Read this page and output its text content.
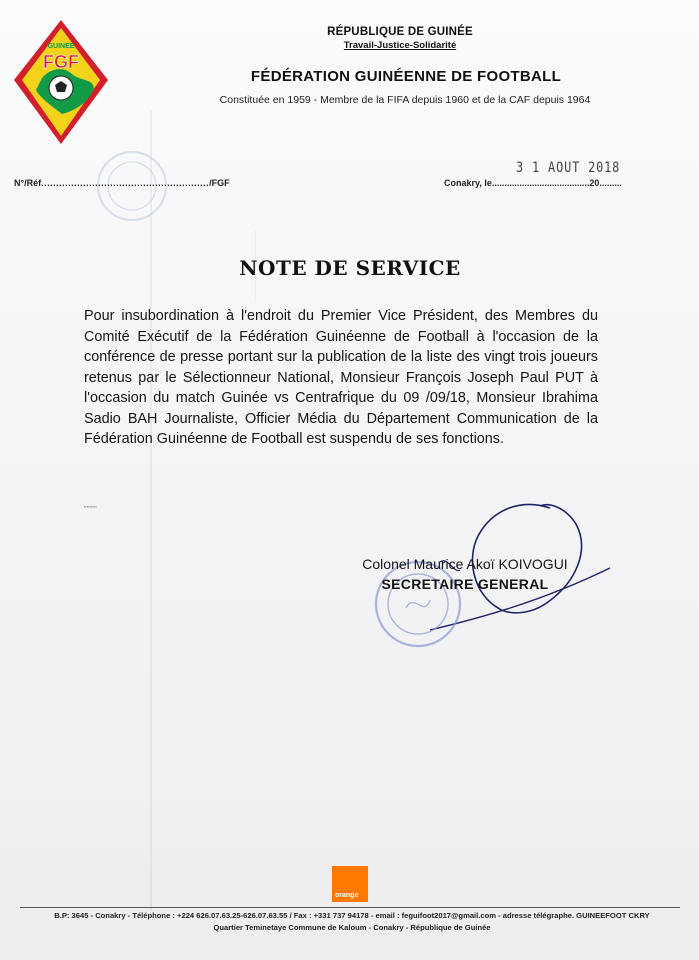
GUINEE
FGF
RÉPUBLIQUE DE GUINÉE
Travail-Justice-Solidarité
FÉDÉRATION GUINÉENNE DE FOOTBALL
Constituée en 1959 - Membre de la FIFA depuis 1960 et de la CAF depuis 1964
N°/Réf......................................................../FGF
3 1 AOUT 2018
Conakry, le.......................................20.........
NOTE DE SERVICE
Pour insubordination à l'endroit du Premier Vice Président, des Membres du Comité Exécutif de la Fédération Guinéenne de Football à l'occasion de la conférence de presse portant sur la publication de la liste des vingt trois joueurs retenus par le Sélectionneur National, Monsieur François Joseph Paul PUT à l'occasion du match Guinée vs Centrafrique du 09 /09/18, Monsieur Ibrahima Sadio BAH Journaliste, Officier Média du Département Communication de la Fédération Guinéenne de Football est suspendu de ses fonctions.
▪▪▪▪▪▪▪▪▪
Colonel Maurice Akoï KOIVOGUI
SECRETAIRE GENERAL
orange
B.P: 3645 - Conakry - Téléphone : +224 626.07.63.25-626.07.63.55 / Fax : +331 737 94178 - email : feguifoot2017@gmail.com - adresse télégraphe. GUINEEFOOT CKRY
Quartier Teminetaye Commune de Kaloum - Conakry - République de Guinée
